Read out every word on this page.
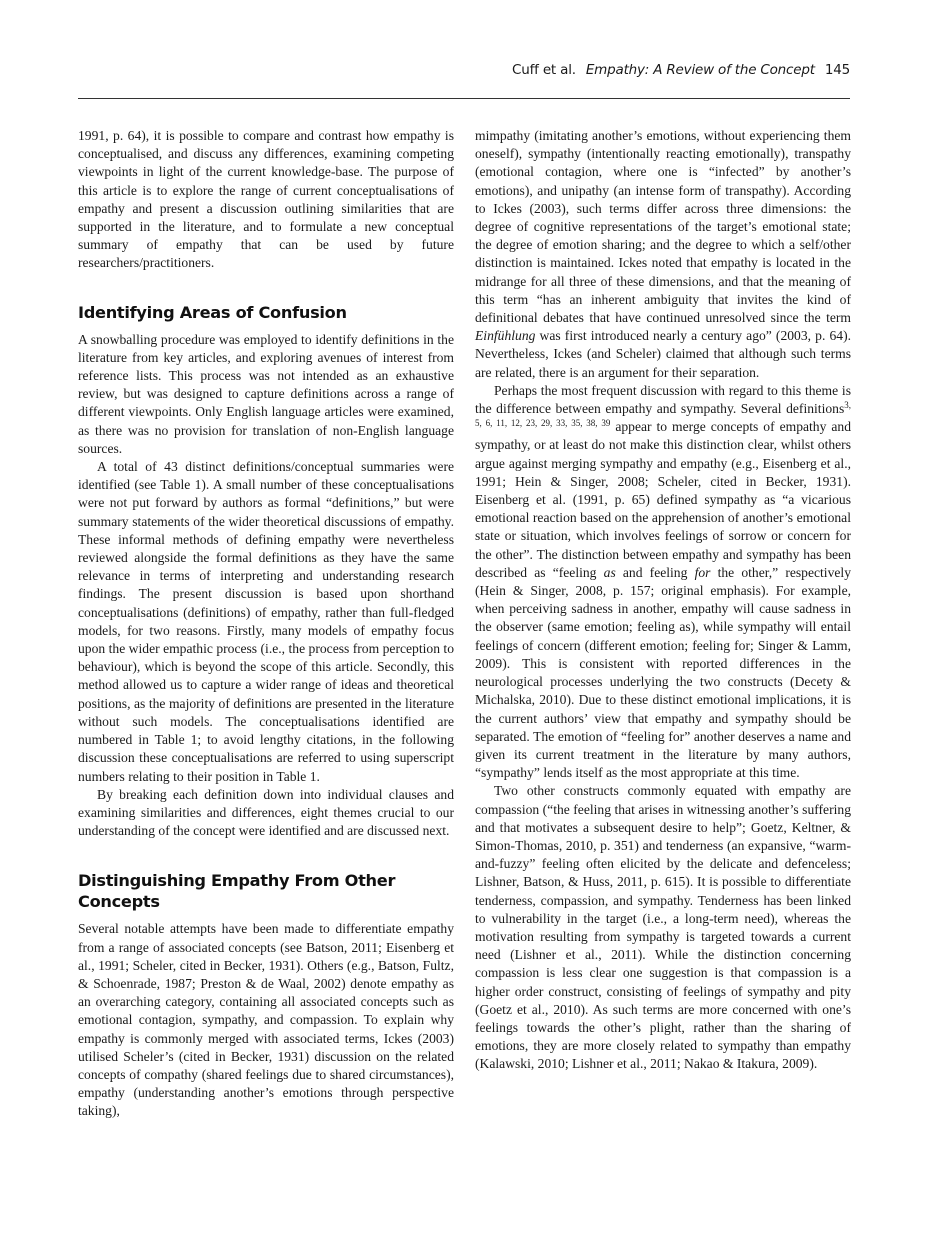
Cuff et al. Empathy: A Review of the Concept 145

1991, p. 64), it is possible to compare and contrast how empathy is conceptualised, and discuss any differences, examining competing viewpoints in light of the current knowledge-base. The purpose of this article is to explore the range of current conceptualisations of empathy and present a discussion outlining similarities that are supported in the literature, and to formulate a new conceptual summary of empathy that can be used by future researchers/practitioners.

Identifying Areas of Confusion

A snowballing procedure was employed to identify definitions in the literature from key articles, and exploring avenues of interest from reference lists. This process was not intended as an exhaustive review, but was designed to capture definitions across a range of different viewpoints. Only English language articles were examined, as there was no provision for translation of non-English language sources.

A total of 43 distinct definitions/conceptual summaries were identified (see Table 1). A small number of these conceptualisations were not put forward by authors as formal “definitions,” but were summary statements of the wider theoretical discussions of empathy. These informal methods of defining empathy were nevertheless reviewed alongside the formal definitions as they have the same relevance in terms of interpreting and understanding research findings. The present discussion is based upon shorthand conceptualisations (definitions) of empathy, rather than full-fledged models, for two reasons. Firstly, many models of empathy focus upon the wider empathic process (i.e., the process from perception to behaviour), which is beyond the scope of this article. Secondly, this method allowed us to capture a wider range of ideas and theoretical positions, as the majority of definitions are presented in the literature without such models. The conceptualisations identified are numbered in Table 1; to avoid lengthy citations, in the following discussion these conceptualisations are referred to using superscript numbers relating to their position in Table 1.

By breaking each definition down into individual clauses and examining similarities and differences, eight themes crucial to our understanding of the concept were identified and are discussed next.

Distinguishing Empathy From Other Concepts

Several notable attempts have been made to differentiate empathy from a range of associated concepts (see Batson, 2011; Eisenberg et al., 1991; Scheler, cited in Becker, 1931). Others (e.g., Batson, Fultz, & Schoenrade, 1987; Preston & de Waal, 2002) denote empathy as an overarching category, containing all associated concepts such as emotional contagion, sympathy, and compassion. To explain why empathy is commonly merged with associated terms, Ickes (2003) utilised Scheler’s (cited in Becker, 1931) discussion on the related concepts of compathy (shared feelings due to shared circumstances), empathy (understanding another’s emotions through perspective taking),

mimpathy (imitating another’s emotions, without experiencing them oneself), sympathy (intentionally reacting emotionally), transpathy (emotional contagion, where one is “infected” by another’s emotions), and unipathy (an intense form of transpathy). According to Ickes (2003), such terms differ across three dimensions: the degree of cognitive representations of the target’s emotional state; the degree of emotion sharing; and the degree to which a self/other distinction is maintained. Ickes noted that empathy is located in the midrange for all three of these dimensions, and that the meaning of this term “has an inherent ambiguity that invites the kind of definitional debates that have continued unresolved since the term Einfühlung was first introduced nearly a century ago” (2003, p. 64). Nevertheless, Ickes (and Scheler) claimed that although such terms are related, there is an argument for their separation.

Perhaps the most frequent discussion with regard to this theme is the difference between empathy and sympathy. Several definitions$^{3, 5, 6, 11, 12, 23, 29, 33, 35, 38, 39}$ appear to merge concepts of empathy and sympathy, or at least do not make this distinction clear, whilst others argue against merging sympathy and empathy (e.g., Eisenberg et al., 1991; Hein & Singer, 2008; Scheler, cited in Becker, 1931). Eisenberg et al. (1991, p. 65) defined sympathy as “a vicarious emotional reaction based on the apprehension of another’s emotional state or situation, which involves feelings of sorrow or concern for the other”. The distinction between empathy and sympathy has been described as “feeling as and feeling for the other,” respectively (Hein & Singer, 2008, p. 157; original emphasis). For example, when perceiving sadness in another, empathy will cause sadness in the observer (same emotion; feeling as), while sympathy will entail feelings of concern (different emotion; feeling for; Singer & Lamm, 2009). This is consistent with reported differences in the neurological processes underlying the two constructs (Decety & Michalska, 2010). Due to these distinct emotional implications, it is the current authors’ view that empathy and sympathy should be separated. The emotion of “feeling for” another deserves a name and given its current treatment in the literature by many authors, “sympathy” lends itself as the most appropriate at this time.

Two other constructs commonly equated with empathy are compassion (“the feeling that arises in witnessing another’s suffering and that motivates a subsequent desire to help”; Goetz, Keltner, & Simon-Thomas, 2010, p. 351) and tenderness (an expansive, “warm-and-fuzzy” feeling often elicited by the delicate and defenceless; Lishner, Batson, & Huss, 2011, p. 615). It is possible to differentiate tenderness, compassion, and sympathy. Tenderness has been linked to vulnerability in the target (i.e., a long-term need), whereas the motivation resulting from sympathy is targeted towards a current need (Lishner et al., 2011). While the distinction concerning compassion is less clear one suggestion is that compassion is a higher order construct, consisting of feelings of sympathy and pity (Goetz et al., 2010). As such terms are more concerned with one’s feelings towards the other’s plight, rather than the sharing of emotions, they are more closely related to sympathy than empathy (Kalawski, 2010; Lishner et al., 2011; Nakao & Itakura, 2009).
